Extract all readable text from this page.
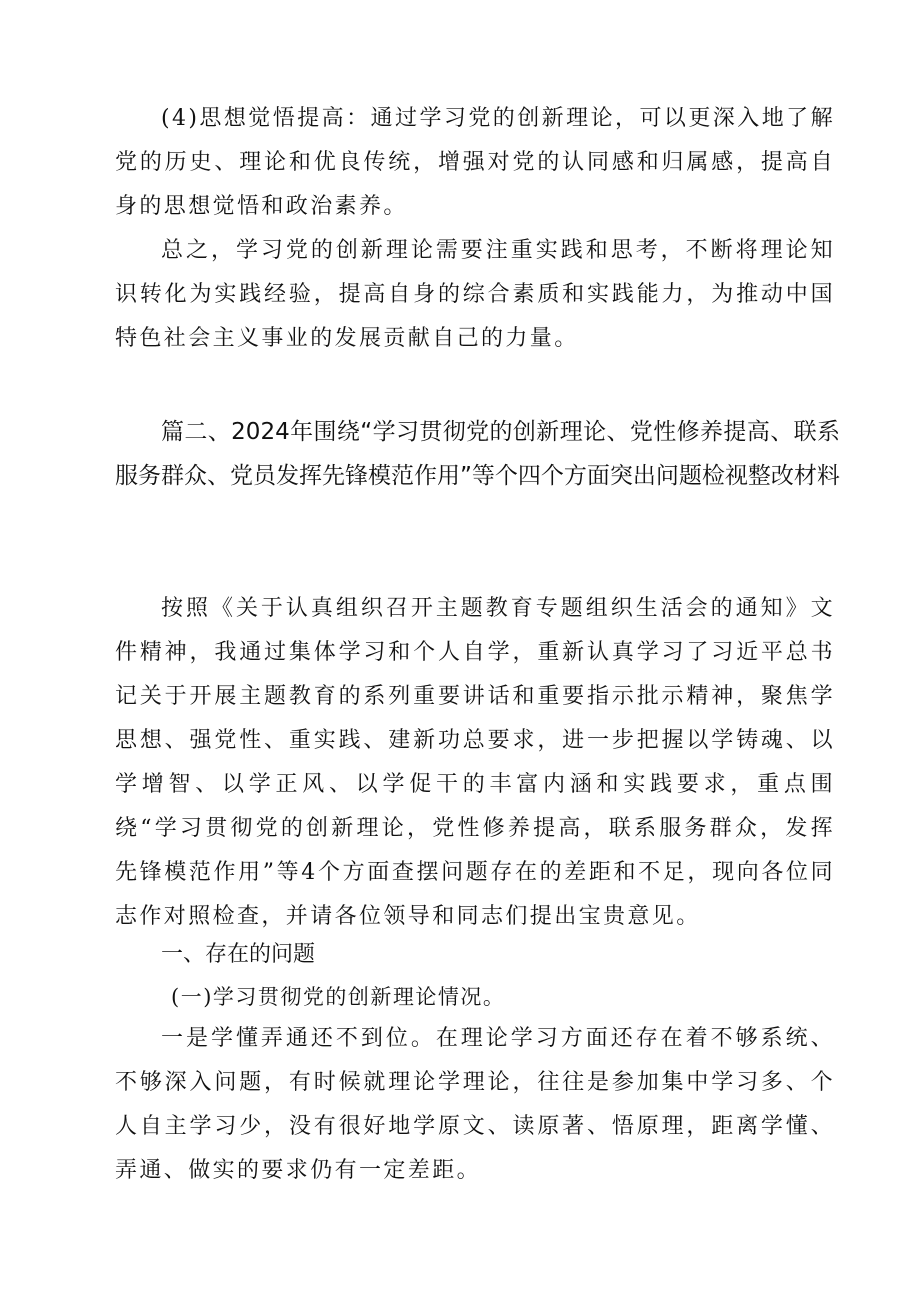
(4)思想觉悟提高：通过学习党的创新理论，可以更深入地了解党的历史、理论和优良传统，增强对党的认同感和归属感，提高自身的思想觉悟和政治素养。

总之，学习党的创新理论需要注重实践和思考，不断将理论知识转化为实践经验，提高自身的综合素质和实践能力，为推动中国特色社会主义事业的发展贡献自己的力量。

篇二、2024年围绕“学习贯彻党的创新理论、党性修养提高、联系服务群众、党员发挥先锋模范作用”等个四个方面突出问题检视整改材料

按照《关于认真组织召开主题教育专题组织生活会的通知》文件精神，我通过集体学习和个人自学，重新认真学习了习近平总书记关于开展主题教育的系列重要讲话和重要指示批示精神，聚焦学思想、强党性、重实践、建新功总要求，进一步把握以学铸魂、以学增智、以学正风、以学促干的丰富内涵和实践要求，重点围绕“学习贯彻党的创新理论，党性修养提高，联系服务群众，发挥先锋模范作用”等4个方面查摆问题存在的差距和不足，现向各位同志作对照检查，并请各位领导和同志们提出宝贵意见。

一、存在的问题

(一)学习贯彻党的创新理论情况。

一是学懂弄通还不到位。在理论学习方面还存在着不够系统、不够深入问题，有时候就理论学理论，往往是参加集中学习多、个人自主学习少，没有很好地学原文、读原著、悟原理，距离学懂、弄通、做实的要求仍有一定差距。
